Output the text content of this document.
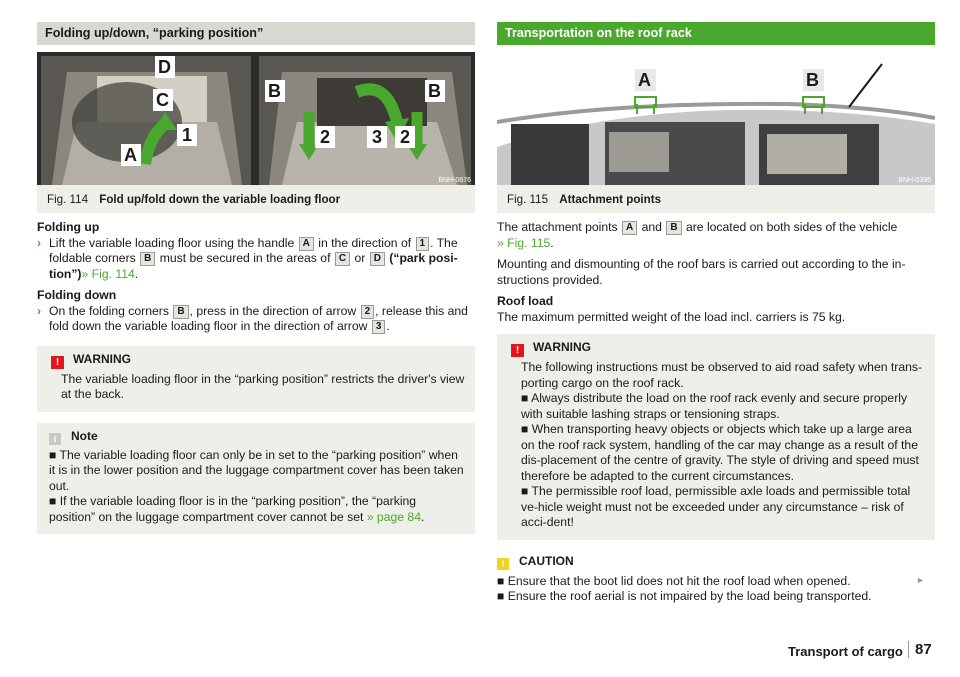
Folding up/down, “parking position”
D
C
1
A
B	B
2 3 2
BNH-0676
Fig. 114 Fold up/fold down the variable loading floor

Folding up

› Lift the variable loading floor using the handle A in the direction of 1 . The foldable corners B must be secured in the areas of C or D (“park posi-tion”)» Fig. 114.

Folding down

› On the folding corners B , press in the direction of arrow 2 , release this and fold down the variable loading floor in the direction of arrow 3 .

! WARNING

The variable loading floor in the “parking position” restricts the driver's view at the back.

i Note

■ The variable loading floor can only be in set to the “parking position” when it is in the lower position and the luggage compartment cover has been taken out.

■ If the variable loading floor is in the “parking position”, the “parking position” on the luggage compartment cover cannot be set » page 84.

Transportation on the roof rack
A	B
BNH-0395
Fig. 115 Attachment points

The attachment points A and B are located on both sides of the vehicle
» Fig. 115.

Mounting and dismounting of the roof bars is carried out according to the in-structions provided.

Roof load

The maximum permitted weight of the load incl. carriers is 75 kg.

! WARNING

The following instructions must be observed to aid road safety when trans-porting cargo on the roof rack.

■ Always distribute the load on the roof rack evenly and secure properly with suitable lashing straps or tensioning straps.

■ When transporting heavy objects or objects which take up a large area on the roof rack system, handling of the car may change as a result of the dis-placement of the centre of gravity. The style of driving and speed must therefore be adapted to the current circumstances.

■ The permissible roof load, permissible axle loads and permissible total ve-hicle weight must not be exceeded under any circumstance – risk of acci-dent!

! CAUTION

■ Ensure that the boot lid does not hit the roof load when opened.

■ Ensure the roof aerial is not impaired by the load being transported.

►
Transport of cargo 87
